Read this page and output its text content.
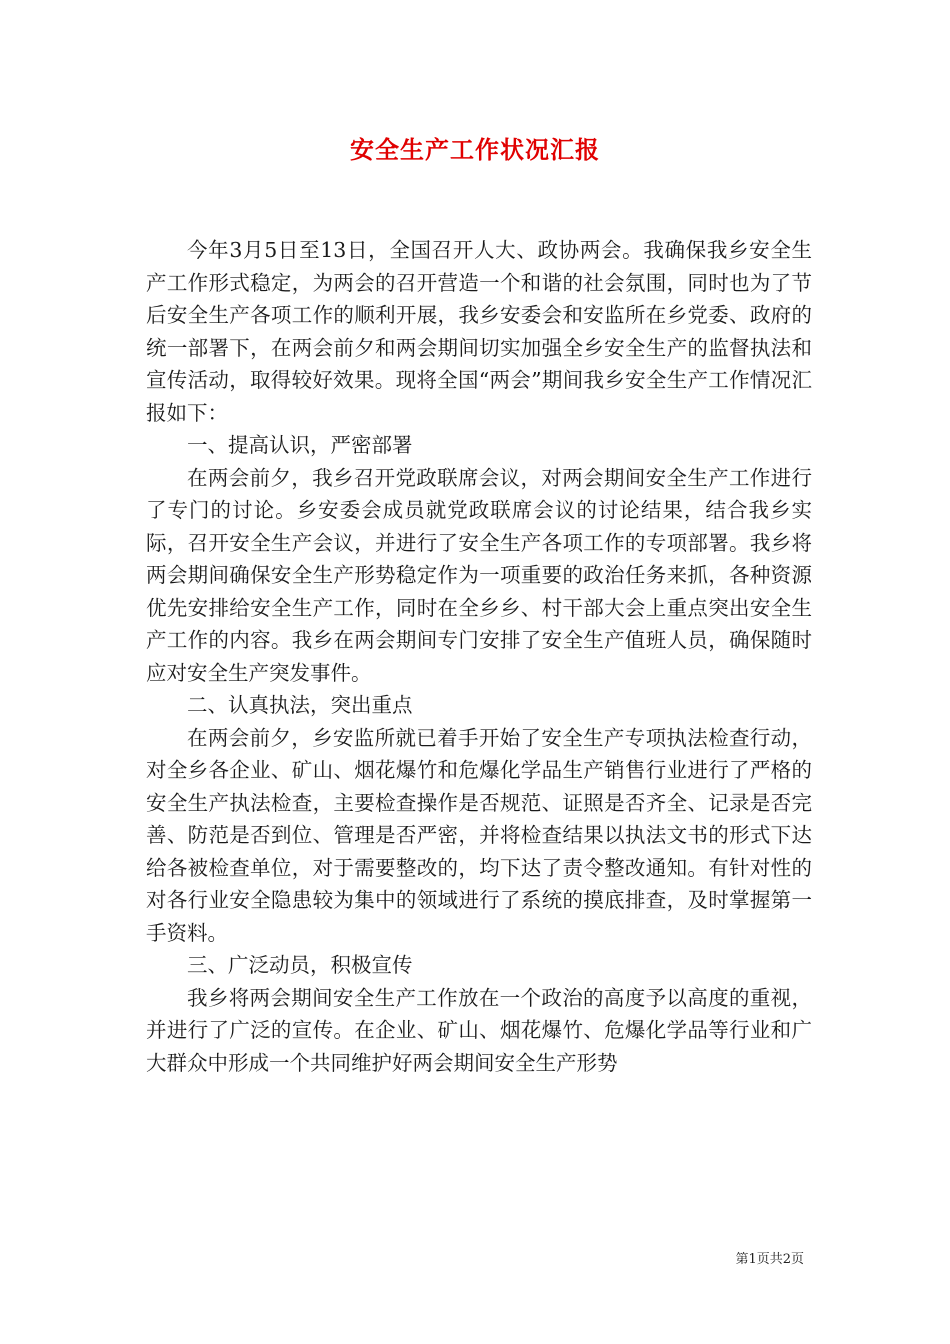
安全生产工作状况汇报

今年3月5日至13日，全国召开人大、政协两会。我确保我乡安全生产工作形式稳定，为两会的召开营造一个和谐的社会氛围，同时也为了节后安全生产各项工作的顺利开展，我乡安委会和安监所在乡党委、政府的统一部署下，在两会前夕和两会期间切实加强全乡安全生产的监督执法和宣传活动，取得较好效果。现将全国“两会”期间我乡安全生产工作情况汇报如下：

一、提高认识，严密部署

在两会前夕，我乡召开党政联席会议，对两会期间安全生产工作进行了专门的讨论。乡安委会成员就党政联席会议的讨论结果，结合我乡实际，召开安全生产会议，并进行了安全生产各项工作的专项部署。我乡将两会期间确保安全生产形势稳定作为一项重要的政治任务来抓，各种资源优先安排给安全生产工作，同时在全乡乡、村干部大会上重点突出安全生产工作的内容。我乡在两会期间专门安排了安全生产值班人员，确保随时应对安全生产突发事件。

二、认真执法，突出重点

在两会前夕，乡安监所就已着手开始了安全生产专项执法检查行动，对全乡各企业、矿山、烟花爆竹和危爆化学品生产销售行业进行了严格的安全生产执法检查，主要检查操作是否规范、证照是否齐全、记录是否完善、防范是否到位、管理是否严密，并将检查结果以执法文书的形式下达给各被检查单位，对于需要整改的，均下达了责令整改通知。有针对性的对各行业安全隐患较为集中的领域进行了系统的摸底排查，及时掌握第一手资料。

三、广泛动员，积极宣传

我乡将两会期间安全生产工作放在一个政治的高度予以高度的重视，并进行了广泛的宣传。在企业、矿山、烟花爆竹、危爆化学品等行业和广大群众中形成一个共同维护好两会期间安全生产形势

第1页共2页
